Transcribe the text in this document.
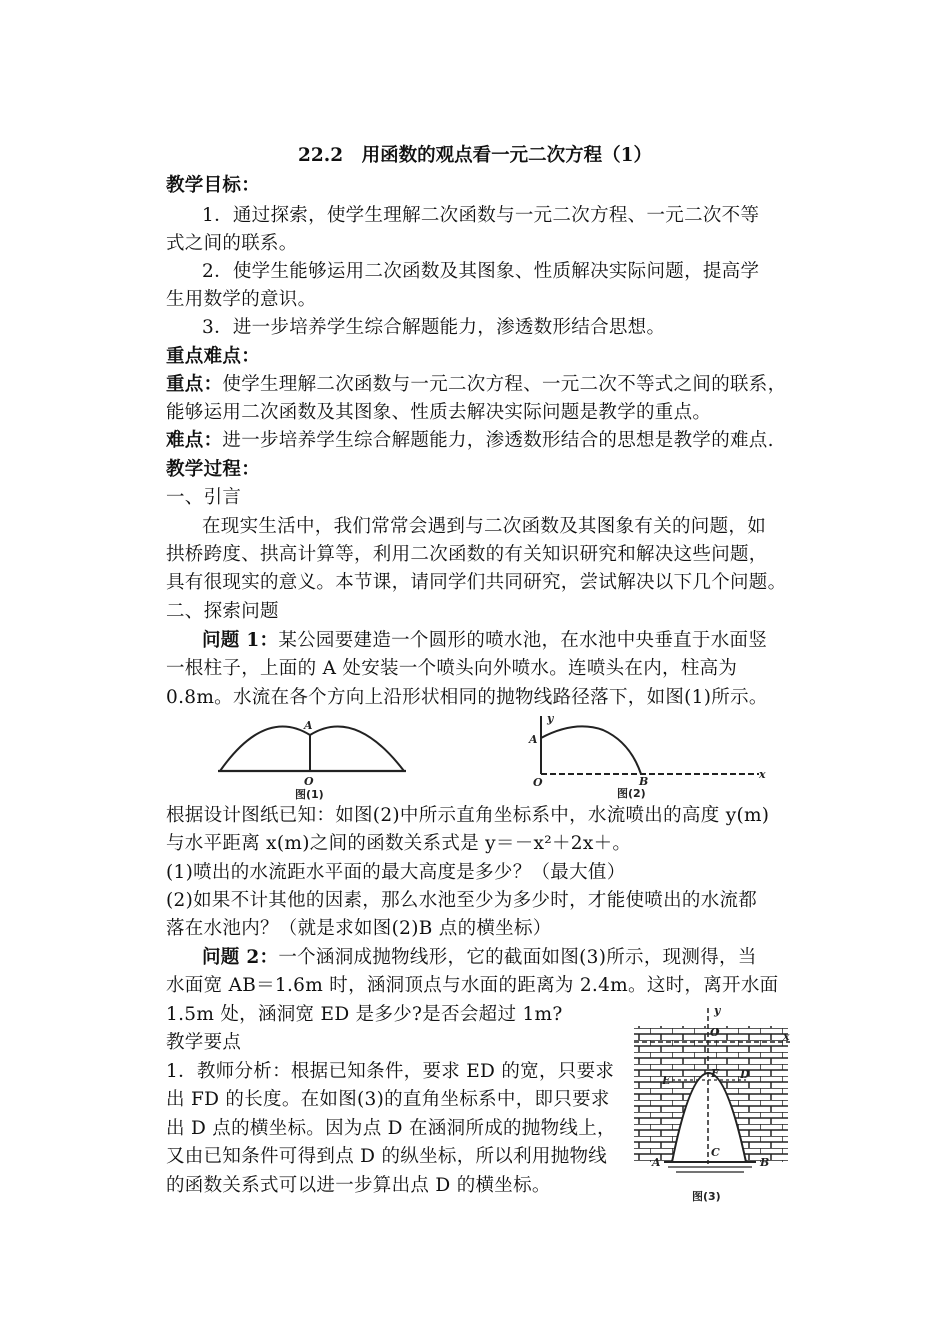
22.2　用函数的观点看一元二次方程（1）
教学目标：
1．通过探索，使学生理解二次函数与一元二次方程、一元二次不等
式之间的联系。
2．使学生能够运用二次函数及其图象、性质解决实际问题，提高学
生用数学的意识。
3．进一步培养学生综合解题能力，渗透数形结合思想。
重点难点：
重点：使学生理解二次函数与一元二次方程、一元二次不等式之间的联系，
能够运用二次函数及其图象、性质去解决实际问题是教学的重点。
难点：进一步培养学生综合解题能力，渗透数形结合的思想是教学的难点.
教学过程：
一、引言
在现实生活中，我们常常会遇到与二次函数及其图象有关的问题，如
拱桥跨度、拱高计算等，利用二次函数的有关知识研究和解决这些问题，
具有很现实的意义。本节课，请同学们共同研究，尝试解决以下几个问题。
二、探索问题
问题 1：某公园要建造一个圆形的喷水池，在水池中央垂直于水面竖
一根柱子，上面的 A 处安装一个喷头向外喷水。连喷头在内，柱高为
0.8m。水流在各个方向上沿形状相同的抛物线路径落下，如图(1)所示。
A
O
图(1)
y
A
O	B
x
图(2)
根据设计图纸已知：如图(2)中所示直角坐标系中，水流喷出的高度 y(m)
与水平距离 x(m)之间的函数关系式是 y＝－x²＋2x＋。
(1)喷出的水流距水平面的最大高度是多少？（最大值）
(2)如果不计其他的因素，那么水池至少为多少时，才能使喷出的水流都
落在水池内？（就是求如图(2)B 点的横坐标）
问题 2：一个涵洞成抛物线形，它的截面如图(3)所示，现测得，当
水面宽 AB＝1.6m 时，涵洞顶点与水面的距离为 2.4m。这时，离开水面
1.5m 处，涵洞宽 ED 是多少?是否会超过 1m?
教学要点
1．教师分析：根据已知条件，要求 ED 的宽，只要求
出 FD 的长度。在如图(3)的直角坐标系中，即只要求
出 D 点的横坐标。因为点 D 在涵洞所成的抛物线上，
又由已知条件可得到点 D 的纵坐标，所以利用抛物线
的函数关系式可以进一步算出点 D 的横坐标。
y
O	x
E
F D
A
C
B
图(3)
